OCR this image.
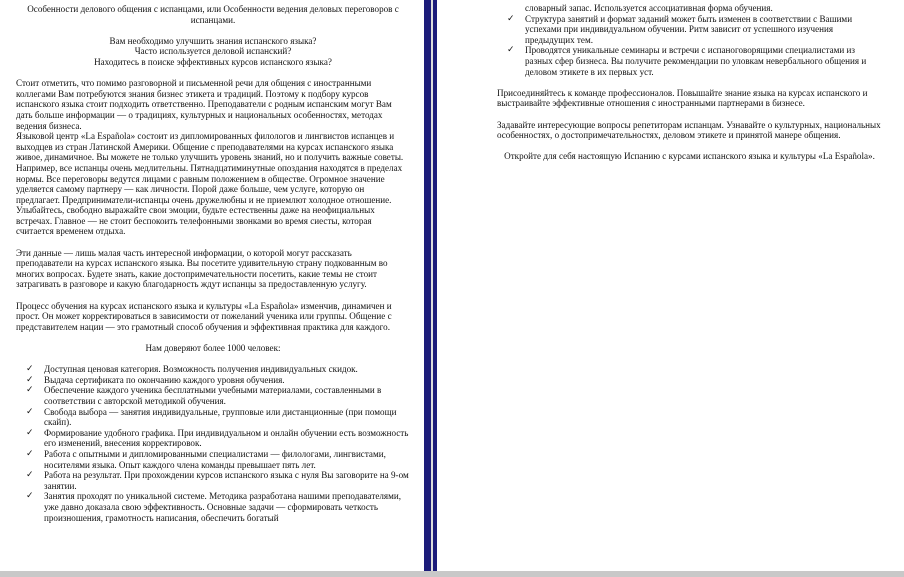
Особенности делового общения с испанцами, или Особенности ведения деловых переговоров с испанцами.

Вам необходимо улучшить знания испанского языка?

Часто используется деловой испанский?

Находитесь в поиске эффективных курсов испанского языка?

Стоит отметить, что помимо разговорной и письменной речи для общения с иностранными коллегами Вам потребуются знания бизнес этикета и традиций. Поэтому к подбору курсов испанского языка стоит подходить ответственно. Преподаватели с родным испанским могут Вам дать больше информации — о традициях, культурных и национальных особенностях, методах ведения бизнеса.

Языковой центр «La Española» состоит из дипломированных филологов и лингвистов испанцев и выходцев из стран Латинской Америки. Общение с преподавателями на курсах испанского языка живое, динамичное. Вы можете не только улучшить уровень знаний, но и получить важные советы.

Например, все испанцы очень медлительны. Пятнадцатиминутные опоздания находятся в пределах нормы. Все переговоры ведутся лицами с равным положением в обществе. Огромное значение уделяется самому партнеру — как личности. Порой даже больше, чем услуге, которую он предлагает. Предприниматели-испанцы очень дружелюбны и не приемлют холодное отношение. Улыбайтесь, свободно выражайте свои эмоции, будьте естественны даже на неофициальных встречах. Главное — не стоит беспокоить телефонными звонками во время сиесты, которая считается временем отдыха.

Эти данные — лишь малая часть интересной информации, о которой могут рассказать преподаватели на курсах испанского языка. Вы посетите удивительную страну подкованным во многих вопросах. Будете знать, какие достопримечательности посетить, какие темы не стоит затрагивать в разговоре и какую благодарность ждут испанцы за предоставленную услугу.

Процесс обучения на курсах испанского языка и культуры «La Española» изменчив, динамичен и прост. Он может корректироваться в зависимости от пожеланий ученика или группы. Общение с представителем нации — это грамотный способ обучения и эффективная практика для каждого.

Нам доверяют более 1000 человек:

✓ Доступная ценовая категория. Возможность получения индивидуальных скидок.
✓ Выдача сертификата по окончанию каждого уровня обучения.
✓ Обеспечение каждого ученика бесплатными учебными материалами, составленными в соответствии с авторской методикой обучения.
✓ Свобода выбора — занятия индивидуальные, групповые или дистанционные (при помощи скайп).
✓ Формирование удобного графика. При индивидуальном и онлайн обучении есть возможность его изменений, внесения корректировок.
✓ Работа с опытными и дипломированными специалистами — филологами, лингвистами, носителями языка. Опыт каждого члена команды превышает пять лет.
✓ Работа на результат. При прохождении курсов испанского языка с нуля Вы заговорите на 9-ом занятии.
✓ Занятия проходят по уникальной системе. Методика разработана нашими преподавателями, уже давно доказала свою эффективность. Основные задачи — сформировать четкость произношения, грамотность написания, обеспечить богатый
словарный запас. Используется ассоциативная форма обучения.
✓ Структура занятий и формат заданий может быть изменен в соответствии с Вашими успехами при индивидуальном обучении. Ритм зависит от успешного изучения предыдущих тем.
✓ Проводятся уникальные семинары и встречи с испаноговорящими специалистами из разных сфер бизнеса. Вы получите рекомендации по уловкам невербального общения и деловом этикете в их первых уст.

Присоединяйтесь к команде профессионалов. Повышайте знание языка на курсах испанского и выстраивайте эффективные отношения с иностранными партнерами в бизнесе.

Задавайте интересующие вопросы репетиторам испанцам. Узнавайте о культурных, национальных особенностях, о достопримечательностях, деловом этикете и принятой манере общения.

Откройте для себя настоящую Испанию с курсами испанского языка и культуры «La Española».
